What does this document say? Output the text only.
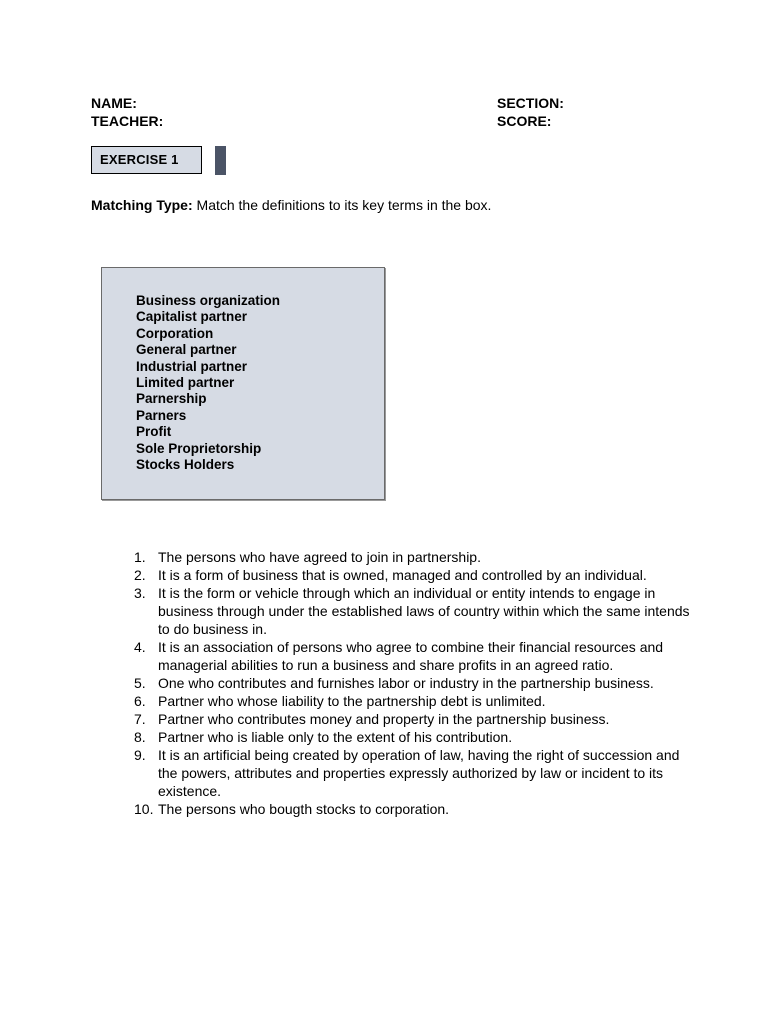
NAME:
TEACHER:
SECTION:
SCORE:
EXERCISE 1
Matching Type: Match the definitions to its key terms in the box.
Business organization
Capitalist partner
Corporation
General partner
Industrial partner
Limited partner
Parnership
Parners
Profit
Sole Proprietorship
Stocks Holders
1. The persons who have agreed to join in partnership.
2. It is a form of business that is owned, managed and controlled by an individual.
3. It is the form or vehicle through which an individual or entity intends to engage in business through under the established laws of country within which the same intends to do business in.
4. It is an association of persons who agree to combine their financial resources and managerial abilities to run a business and share profits in an agreed ratio.
5. One who contributes and furnishes labor or industry in the partnership business.
6. Partner who whose liability to the partnership debt is unlimited.
7. Partner who contributes money and property in the partnership business.
8. Partner who is liable only to the extent of his contribution.
9. It is an artificial being created by operation of law, having the right of succession and the powers, attributes and properties expressly authorized by law or incident to its existence.
10. The persons who bougth stocks to corporation.
